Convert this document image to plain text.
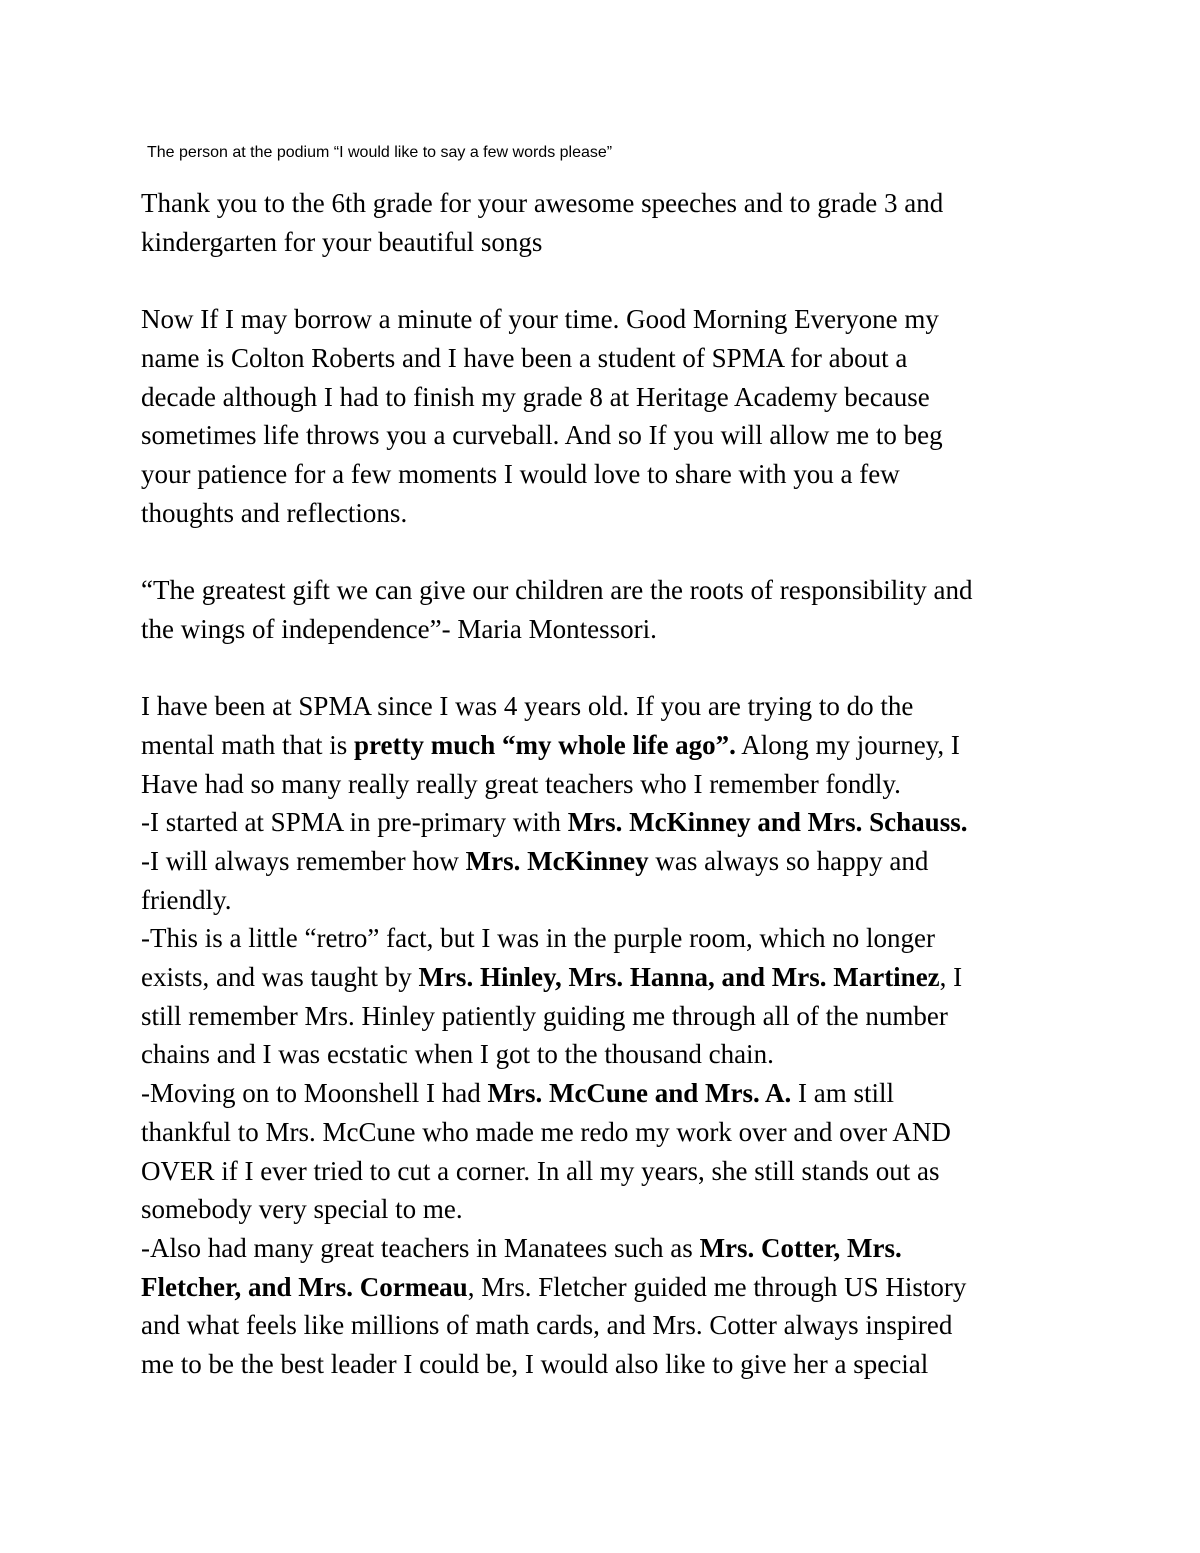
The person at the podium “I would like to say a few words please”
Thank you to the 6th grade for your awesome speeches and to grade 3 and
kindergarten for your beautiful songs
Now If I may borrow a minute of your time. Good Morning Everyone my
name is Colton Roberts and I have been a student of SPMA for about a
decade although I had to finish my grade 8 at Heritage Academy because
sometimes life throws you a curveball. And so If you will allow me to beg
your patience for a few moments I would love to share with you a few
thoughts and reflections.
“The greatest gift we can give our children are the roots of responsibility and
the wings of independence”- Maria Montessori.
I have been at SPMA since I was 4 years old. If you are trying to do the
mental math that is pretty much “my whole life ago”. Along my journey, I
Have had so many really really great teachers who I remember fondly.
-I started at SPMA in pre-primary with Mrs. McKinney and Mrs. Schauss.
-I will always remember how Mrs. McKinney was always so happy and
friendly.
-This is a little “retro” fact, but I was in the purple room, which no longer
exists, and was taught by Mrs. Hinley, Mrs. Hanna, and Mrs. Martinez, I
still remember Mrs. Hinley patiently guiding me through all of the number
chains and I was ecstatic when I got to the thousand chain.
-Moving on to Moonshell I had Mrs. McCune and Mrs. A. I am still
thankful to Mrs. McCune who made me redo my work over and over AND
OVER if I ever tried to cut a corner. In all my years, she still stands out as
somebody very special to me.
-Also had many great teachers in Manatees such as Mrs. Cotter, Mrs.
Fletcher, and Mrs. Cormeau, Mrs. Fletcher guided me through US History
and what feels like millions of math cards, and Mrs. Cotter always inspired
me to be the best leader I could be, I would also like to give her a special
